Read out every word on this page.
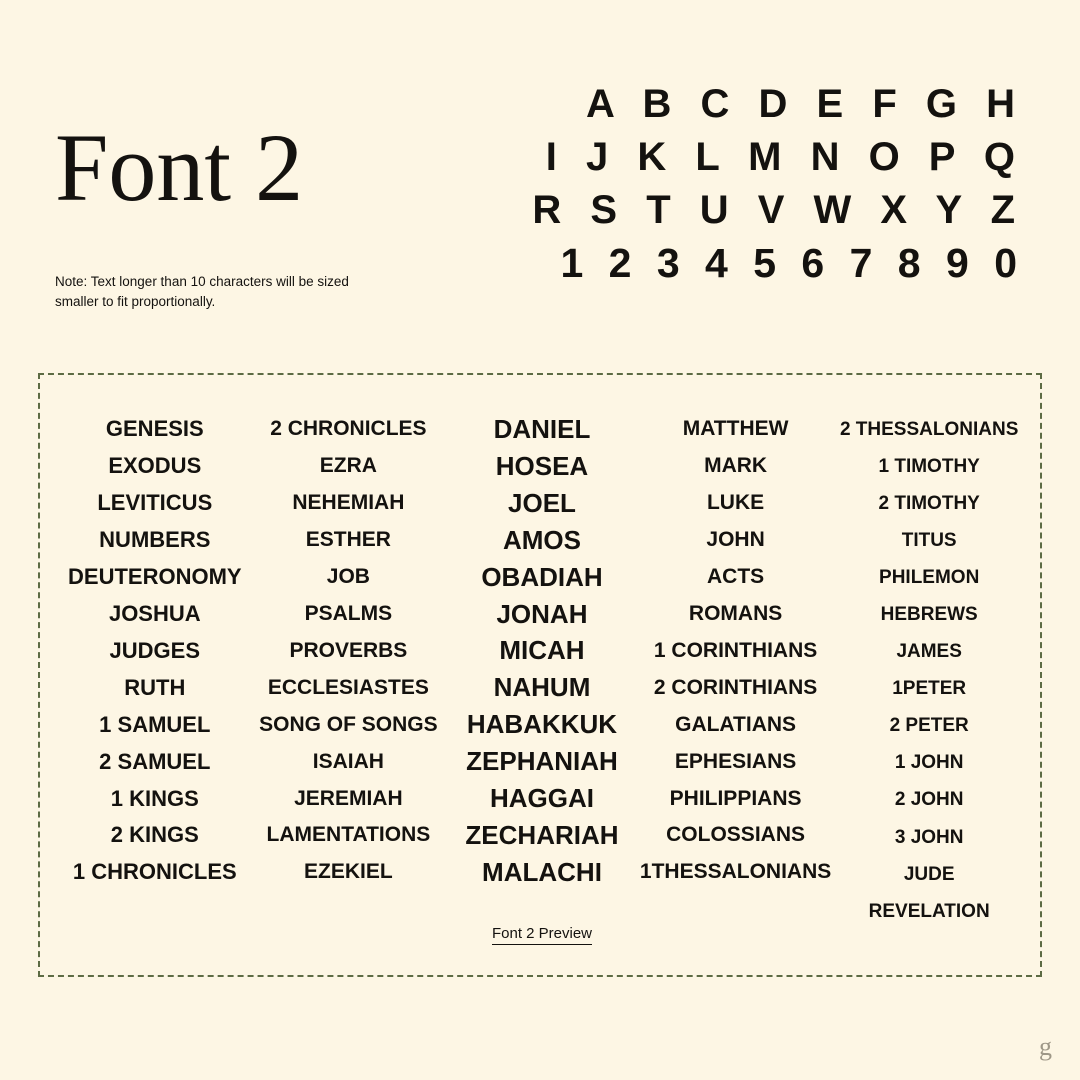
Font 2
Note: Text longer than 10 characters will be sized smaller to fit proportionally.
A B C D E F G H
I J K L M N O P Q
R S T U V W X Y Z
1 2 3 4 5 6 7 8 9 0
GENESIS
EXODUS
LEVITICUS
NUMBERS
DEUTERONOMY
JOSHUA
JUDGES
RUTH
1 SAMUEL
2 SAMUEL
1 KINGS
2 KINGS
1 CHRONICLES
2 CHRONICLES
EZRA
NEHEMIAH
ESTHER
JOB
PSALMS
PROVERBS
ECCLESIASTES
SONG OF SONGS
ISAIAH
JEREMIAH
LAMENTATIONS
EZEKIEL
DANIEL
HOSEA
JOEL
AMOS
OBADIAH
JONAH
MICAH
NAHUM
HABAKKUK
ZEPHANIAH
HAGGAI
ZECHARIAH
MALACHI
MATTHEW
MARK
LUKE
JOHN
ACTS
ROMANS
1 CORINTHIANS
2 CORINTHIANS
GALATIANS
EPHESIANS
PHILIPPIANS
COLOSSIANS
1THESSALONIANS
2 THESSALONIANS
1 TIMOTHY
2 TIMOTHY
TITUS
PHILEMON
HEBREWS
JAMES
1PETER
2 PETER
1 JOHN
2 JOHN
3 JOHN
JUDE
REVELATION
Font 2 Preview
g
